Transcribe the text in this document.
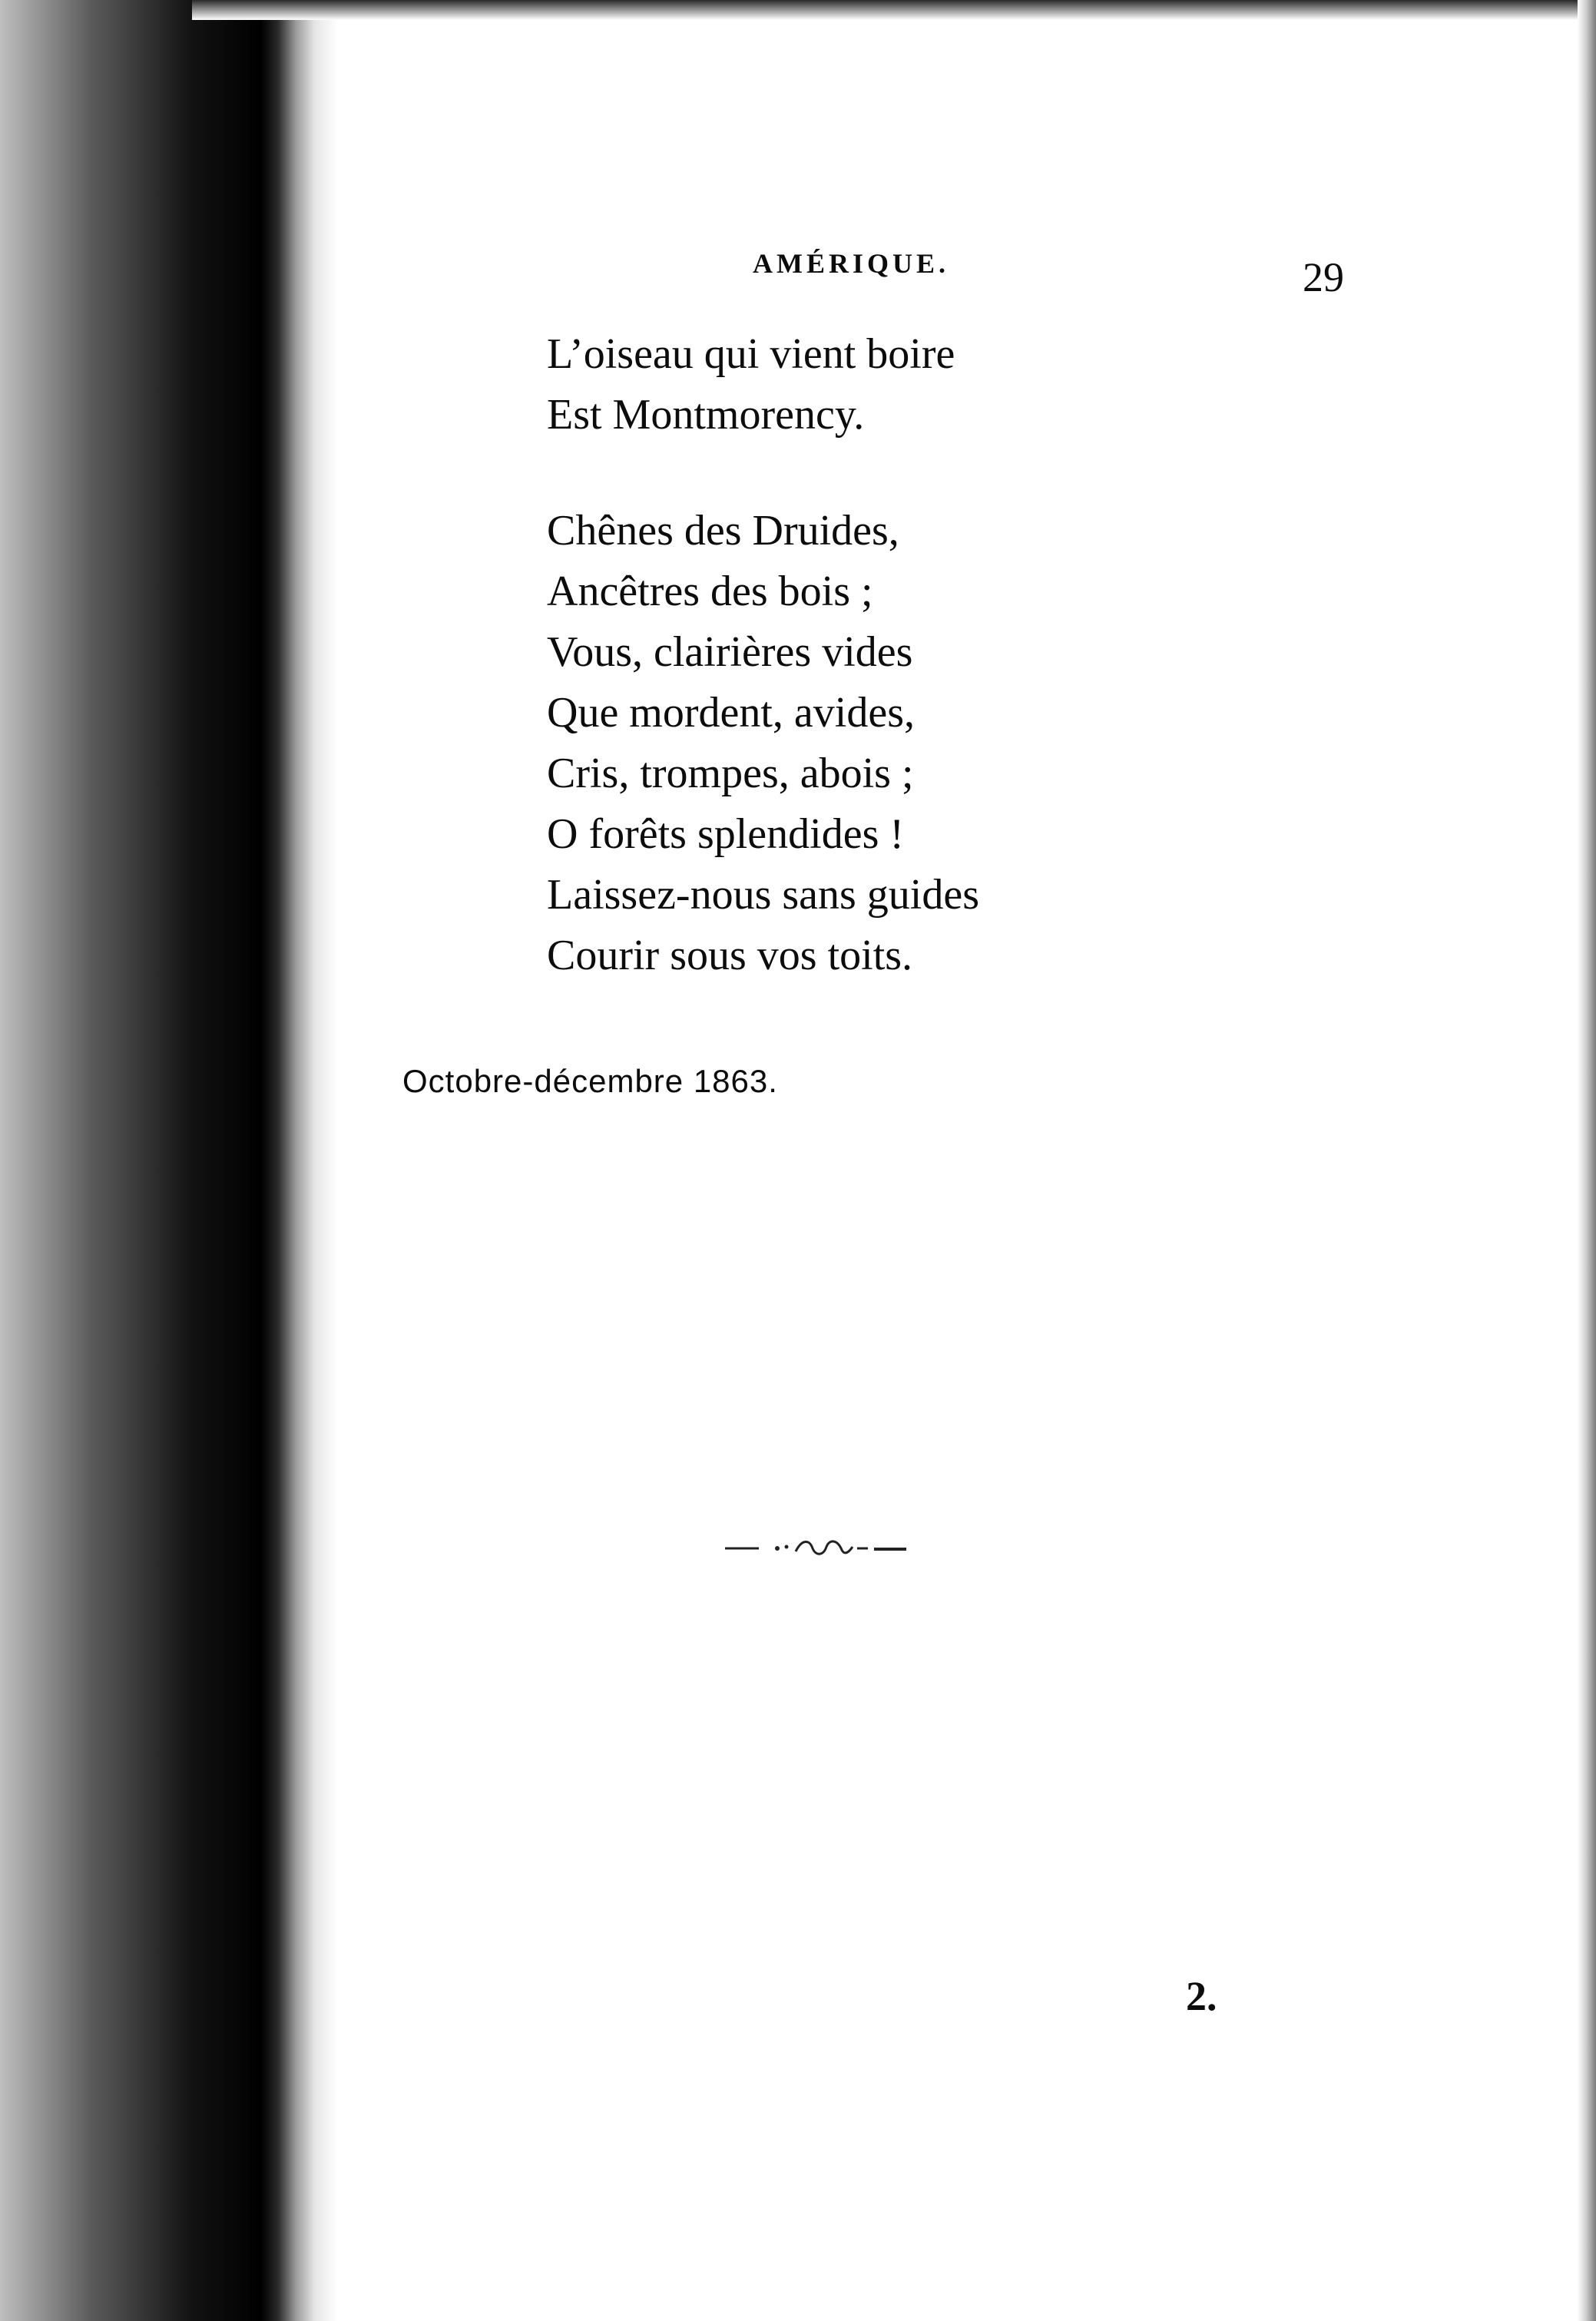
AMÉRIQUE.	29
L’oiseau qui vient boire
Est Montmorency.
Chênes des Druides,
Ancêtres des bois ;
Vous, clairières vides
Que mordent, avides,
Cris, trompes, abois ;
O forêts splendides !
Laissez-nous sans guides
Courir sous vos toits.
Octobre-décembre 1863.
2.
